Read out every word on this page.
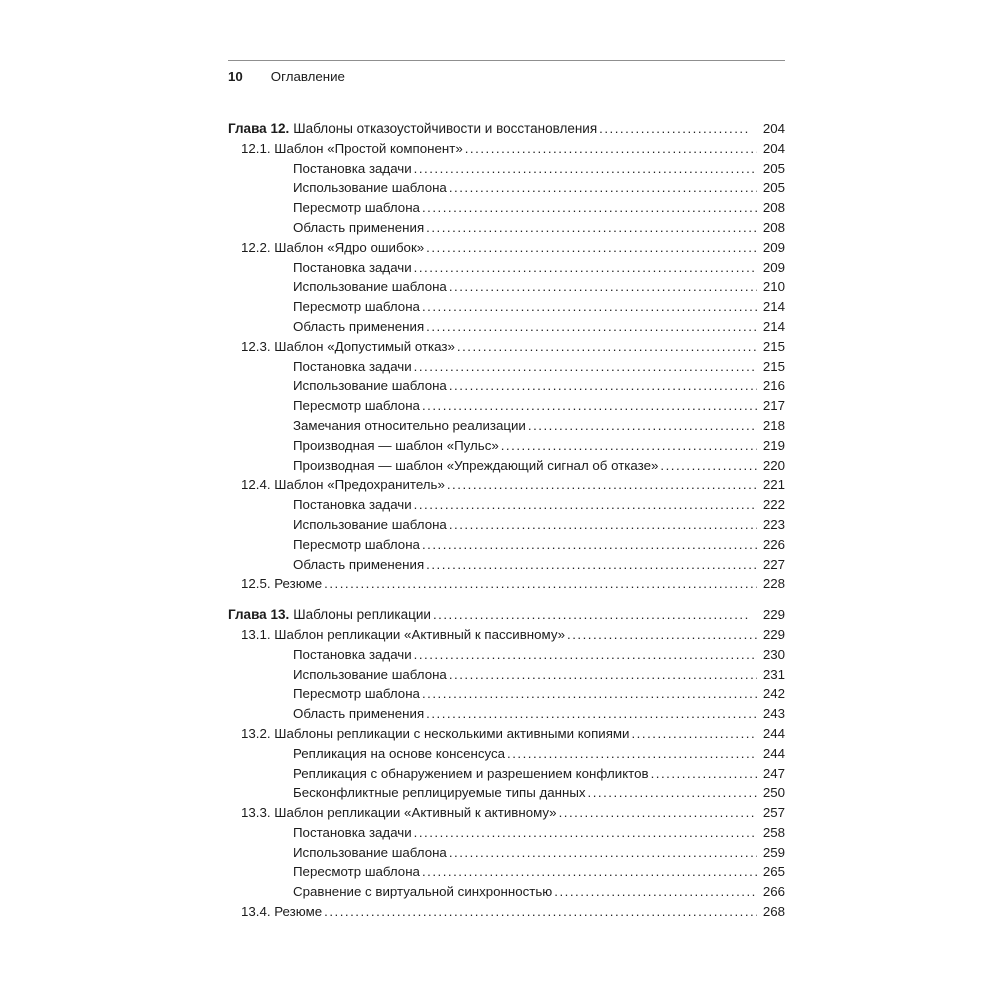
10 Оглавление
Глава 12. Шаблоны отказоустойчивости и восстановления .....	204
12.1. Шаблон «Простой компонент» .....	204
Постановка задачи .....	205
Использование шаблона .....	205
Пересмотр шаблона .....	208
Область применения .....	208
12.2. Шаблон «Ядро ошибок» .....	209
Постановка задачи .....	209
Использование шаблона .....	210
Пересмотр шаблона .....	214
Область применения .....	214
12.3. Шаблон «Допустимый отказ» .....	215
Постановка задачи .....	215
Использование шаблона .....	216
Пересмотр шаблона .....	217
Замечания относительно реализации .....	218
Производная — шаблон «Пульс» .....	219
Производная — шаблон «Упреждающий сигнал об отказе» .....	220
12.4. Шаблон «Предохранитель» .....	221
Постановка задачи .....	222
Использование шаблона .....	223
Пересмотр шаблона .....	226
Область применения .....	227
12.5. Резюме .....	228
Глава 13. Шаблоны репликации .....	229
13.1. Шаблон репликации «Активный к пассивному» .....	229
Постановка задачи .....	230
Использование шаблона .....	231
Пересмотр шаблона .....	242
Область применения .....	243
13.2. Шаблоны репликации с несколькими активными копиями .....	244
Репликация на основе консенсуса .....	244
Репликация с обнаружением и разрешением конфликтов .....	247
Бесконфликтные реплицируемые типы данных .....	250
13.3. Шаблон репликации «Активный к активному» .....	257
Постановка задачи .....	258
Использование шаблона .....	259
Пересмотр шаблона .....	265
Сравнение с виртуальной синхронностью .....	266
13.4. Резюме .....	268
